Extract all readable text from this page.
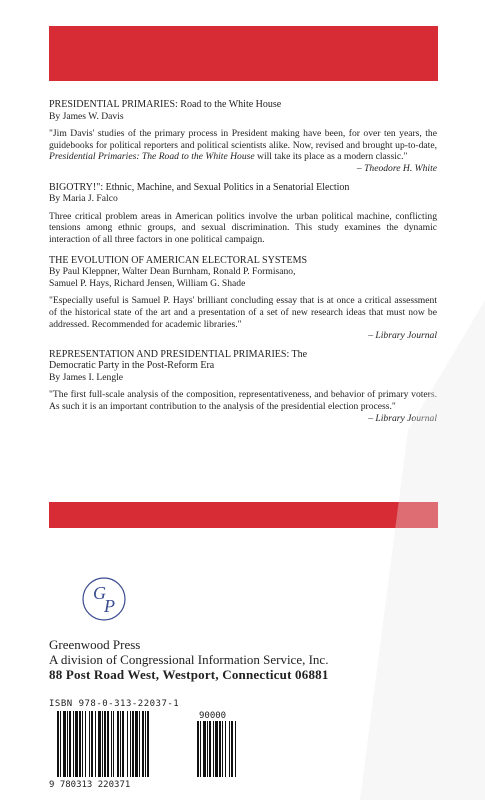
PRESIDENTIAL PRIMARIES: Road to the White House

By James W. Davis

"Jim Davis' studies of the primary process in President making have been, for over ten years, the guidebooks for political reporters and political scientists alike. Now, revised and brought up-to-date, Presidential Primaries: The Road to the White House will take its place as a modern classic."

– Theodore H. White

BIGOTRY!": Ethnic, Machine, and Sexual Politics in a Senatorial Election

By Maria J. Falco

Three critical problem areas in American politics involve the urban political machine, conflicting tensions among ethnic groups, and sexual discrimination. This study examines the dynamic interaction of all three factors in one political campaign.

THE EVOLUTION OF AMERICAN ELECTORAL SYSTEMS

By Paul Kleppner, Walter Dean Burnham, Ronald P. Formisano,

Samuel P. Hays, Richard Jensen, William G. Shade

"Especially useful is Samuel P. Hays' brilliant concluding essay that is at once a critical assessment of the historical state of the art and a presentation of a set of new research ideas that must now be addressed. Recommended for academic libraries."

– Library Journal

REPRESENTATION AND PRESIDENTIAL PRIMARIES: The

Democratic Party in the Post-Reform Era

By James I. Lengle

"The first full-scale analysis of the composition, representativeness, and behavior of primary voters. As such it is an important contribution to the analysis of the presidential election process."

– Library Journal

G
P
Greenwood Press
A division of Congressional Information Service, Inc.
88 Post Road West, Westport, Connecticut 06881
ISBN 978-0-313-22037-1
90000
9 780313 220371
